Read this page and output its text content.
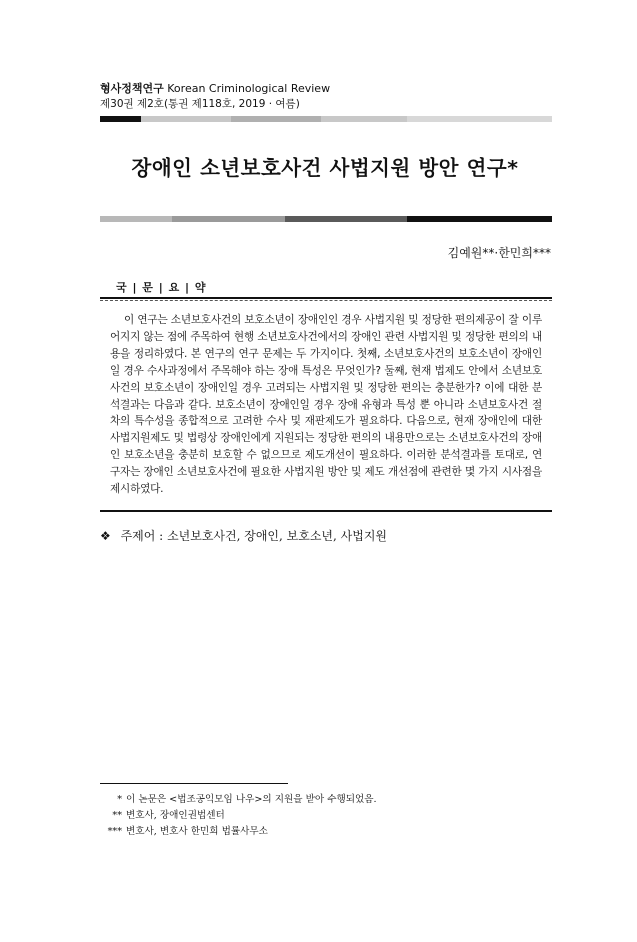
형사정책연구 Korean Criminological Review
제30권 제2호(통권 제118호, 2019 · 여름)
장애인 소년보호사건 사법지원 방안 연구*
김예원**·한민희***
국 | 문 | 요 | 약
이 연구는 소년보호사건의 보호소년이 장애인인 경우 사법지원 및 정당한 편의제공이 잘 이루어지지 않는 점에 주목하여 현행 소년보호사건에서의 장애인 관련 사법지원 및 정당한 편의의 내용을 정리하였다. 본 연구의 연구 문제는 두 가지이다. 첫째, 소년보호사건의 보호소년이 장애인일 경우 수사과정에서 주목해야 하는 장애 특성은 무엇인가? 둘째, 현재 법제도 안에서 소년보호사건의 보호소년이 장애인일 경우 고려되는 사법지원 및 정당한 편의는 충분한가? 이에 대한 분석결과는 다음과 같다. 보호소년이 장애인일 경우 장애 유형과 특성 뿐 아니라 소년보호사건 절차의 특수성을 종합적으로 고려한 수사 및 재판제도가 필요하다. 다음으로, 현재 장애인에 대한 사법지원제도 및 법령상 장애인에게 지원되는 정당한 편의의 내용만으로는 소년보호사건의 장애인 보호소년을 충분히 보호할 수 없으므로 제도개선이 필요하다. 이러한 분석결과를 토대로, 연구자는 장애인 소년보호사건에 필요한 사법지원 방안 및 제도 개선점에 관련한 몇 가지 시사점을 제시하였다.
❖ 주제어 : 소년보호사건, 장애인, 보호소년, 사법지원
* 이 논문은 <법조공익모임 나우>의 지원을 받아 수행되었음.
** 변호사, 장애인권법센터
*** 변호사, 변호사 한민희 법률사무소
